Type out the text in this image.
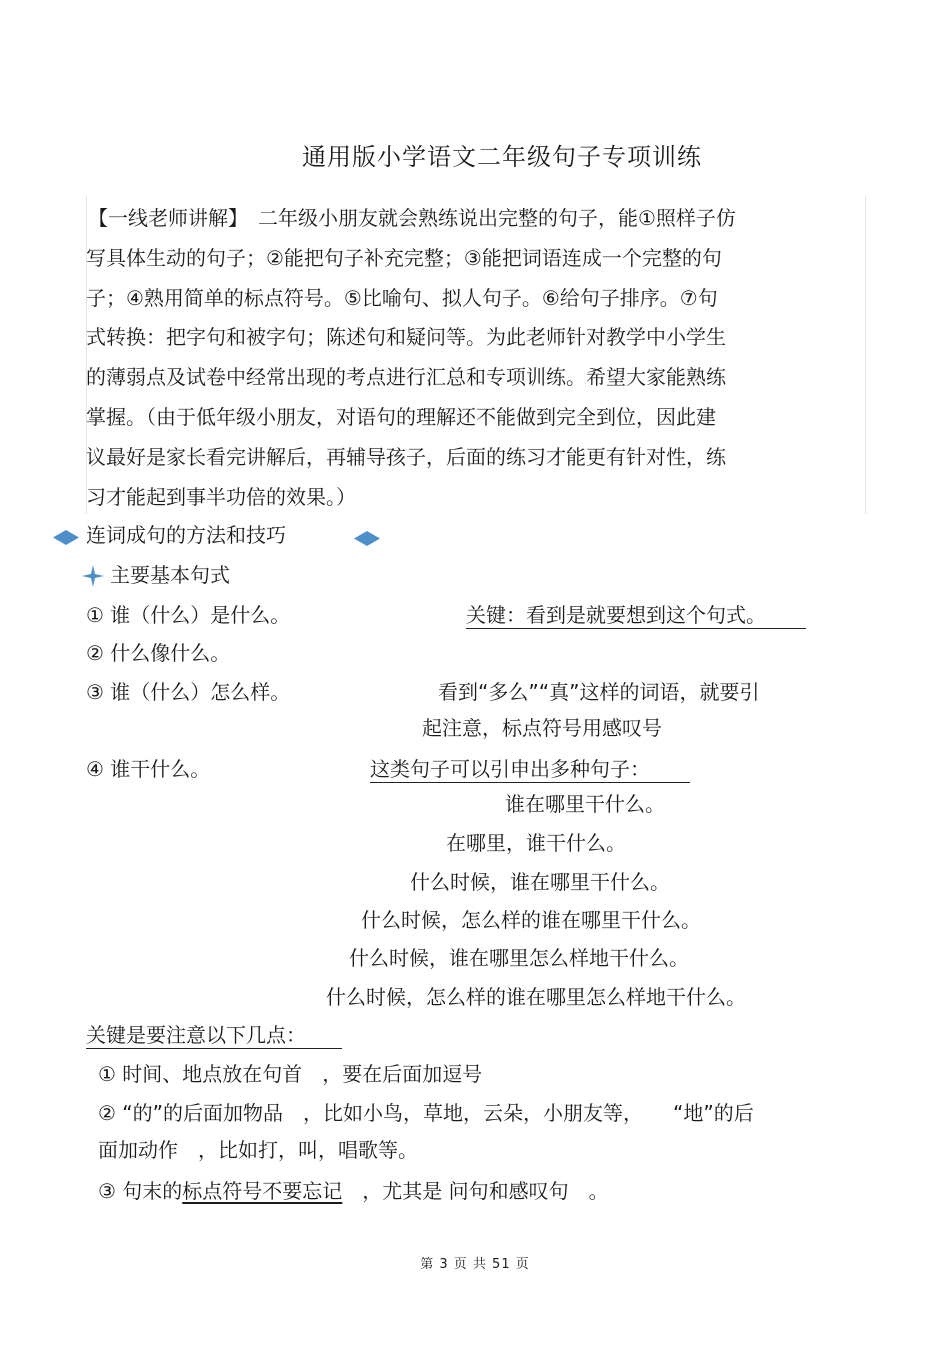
通用版小学语文二年级句子专项训练
【一线老师讲解】　二年级小朋友就会熟练说出完整的句子，能①照样子仿
写具体生动的句子；②能把句子补充完整；③能把词语连成一个完整的句
子；④熟用简单的标点符号。⑤比喻句、拟人句子。⑥给句子排序。⑦句
式转换：把字句和被字句；陈述句和疑问等。为此老师针对教学中小学生
的薄弱点及试卷中经常出现的考点进行汇总和专项训练。希望大家能熟练
掌握。（由于低年级小朋友，对语句的理解还不能做到完全到位，因此建
议最好是家长看完讲解后，再辅导孩子，后面的练习才能更有针对性，练
习才能起到事半功倍的效果。）
连词成句的方法和技巧
主要基本句式
① 谁（什么）是什么。	关键：看到是就要想到这个句式。
② 什么像什么。
③ 谁（什么）怎么样。	看到“多么”“真”这样的词语，就要引
起注意，标点符号用感叹号
④ 谁干什么。	这类句子可以引申出多种句子：
谁在哪里干什么。
在哪里，谁干什么。
什么时候，谁在哪里干什么。
什么时候，怎么样的谁在哪里干什么。
什么时候，谁在哪里怎么样地干什么。
什么时候，怎么样的谁在哪里怎么样地干什么。
关键是要注意以下几点：
① 时间、地点放在句首　，要在后面加逗号
② “的”的后面加物品　，比如小鸟，草地，云朵，小朋友等，　　“地”的后
面加动作　，比如打，叫，唱歌等。
③ 句末的标点符号不要忘记　，尤其是 问句和感叹句　。
第 3 页 共 51 页
